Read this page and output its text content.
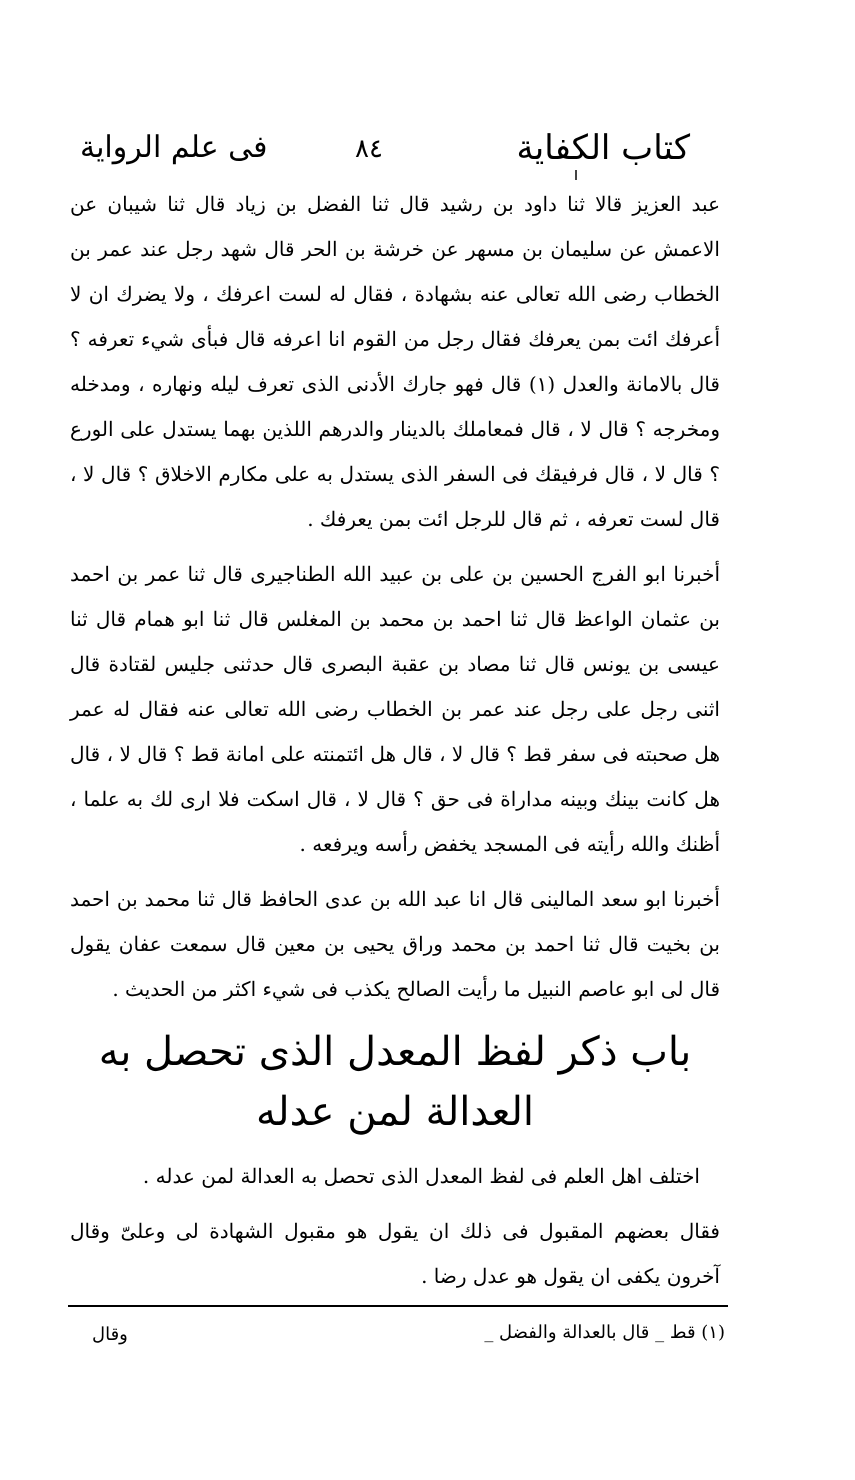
كتاب الكفاية
٨٤
فى علم الرواية

عبد العزيز قالا ثنا داود بن رشيد قال ثنا الفضل بن زياد قال ثنا شيبان عن الاعمش عن سليمان بن مسهر عن خرشة بن الحر قال شهد رجل عند عمر بن الخطاب رضى الله تعالى عنه بشهادة ، فقال له لست اعرفك ، ولا يضرك ان لا أعرفك ائت بمن يعرفك فقال رجل من القوم انا اعرفه قال فبأى شيء تعرفه ؟ قال بالامانة والعدل (١) قال فهو جارك الأدنى الذى تعرف ليله ونهاره ، ومدخله ومخرجه ؟ قال لا ، قال فمعاملك بالدينار والدرهم اللذين بهما يستدل على الورع ؟ قال لا ، قال فرفيقك فى السفر الذى يستدل به على مكارم الاخلاق ؟ قال لا ، قال لست تعرفه ، ثم قال للرجل ائت بمن يعرفك .

أخبرنا ابو الفرج الحسين بن على بن عبيد الله الطناجيرى قال ثنا عمر بن احمد بن عثمان الواعظ قال ثنا احمد بن محمد بن المغلس قال ثنا ابو همام قال ثنا عيسى بن يونس قال ثنا مصاد بن عقبة البصرى قال حدثنى جليس لقتادة قال اثنى رجل على رجل عند عمر بن الخطاب رضى الله تعالى عنه فقال له عمر هل صحبته فى سفر قط ؟ قال لا ، قال هل ائتمنته على امانة قط ؟ قال لا ، قال هل كانت بينك وبينه مداراة فى حق ؟ قال لا ، قال اسكت فلا ارى لك به علما ، أظنك والله رأيته فى المسجد يخفض رأسه ويرفعه .

أخبرنا ابو سعد المالينى قال انا عبد الله بن عدى الحافظ قال ثنا محمد بن احمد بن بخيت قال ثنا احمد بن محمد وراق يحيى بن معين قال سمعت عفان يقول قال لى ابو عاصم النبيل ما رأيت الصالح يكذب فى شيء اكثر من الحديث .

باب ذكر لفظ المعدل الذى تحصل به العدالة لمن عدله

اختلف اهل العلم فى لفظ المعدل الذى تحصل به العدالة لمن عدله .

فقال بعضهم المقبول فى ذلك ان يقول هو مقبول الشهادة لى وعلىّ وقال آخرون يكفى ان يقول هو عدل رضا .

(١) قط _ قال بالعدالة والفضل _
وقال
